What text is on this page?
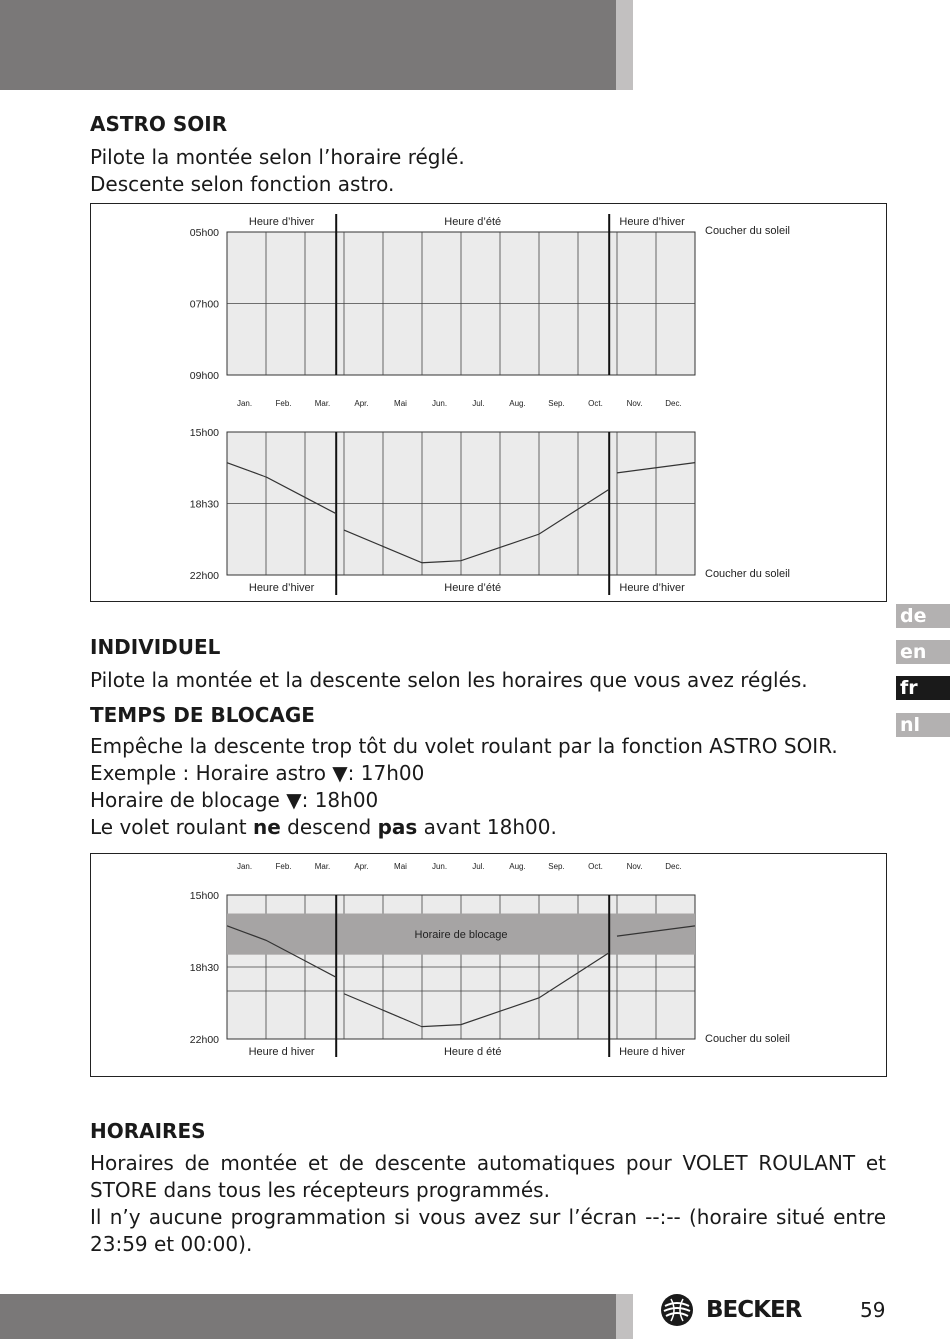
ASTRO SOIR

Pilote la montée selon l’horaire réglé.

Descente selon fonction astro.

05h00
07h00
09h00
Heure d’hiver	Heure d’été	Heure d’hiver
Coucher du soleil
Jan.	Feb.	Mar.	Apr.	Mai	Jun.	Jul.	Aug.	Sep.	Oct.	Nov.	Dec.
15h00
18h30
22h00
Heure d’hiver	Heure d’été	Heure d’hiver
Coucher du soleil
INDIVIDUEL

Pilote la montée et la descente selon les horaires que vous avez réglés.

TEMPS DE BLOCAGE

Empêche la descente trop tôt du volet roulant par la fonction ASTRO SOIR.

Exemple : Horaire astro ▼: 17h00

Horaire de blocage ▼: 18h00

Le volet roulant ne descend pas avant 18h00.

Jan.	Feb.	Mar.	Apr.	Mai	Jun.	Jul.	Aug.	Sep.	Oct.	Nov.	Dec.
Horaire de blocage
15h00
18h30
22h00
Heure d hiver	Heure d été	Heure d hiver
Coucher du soleil
HORAIRES

Horaires de montée et de descente automatiques pour VOLET ROULANT et STORE dans tous les récepteurs programmés.

Il n’y aucune programmation si vous avez sur l’écran --:-- (horaire situé entre 23:59 et 00:00).

de
en
fr
nl
BECKER	59
